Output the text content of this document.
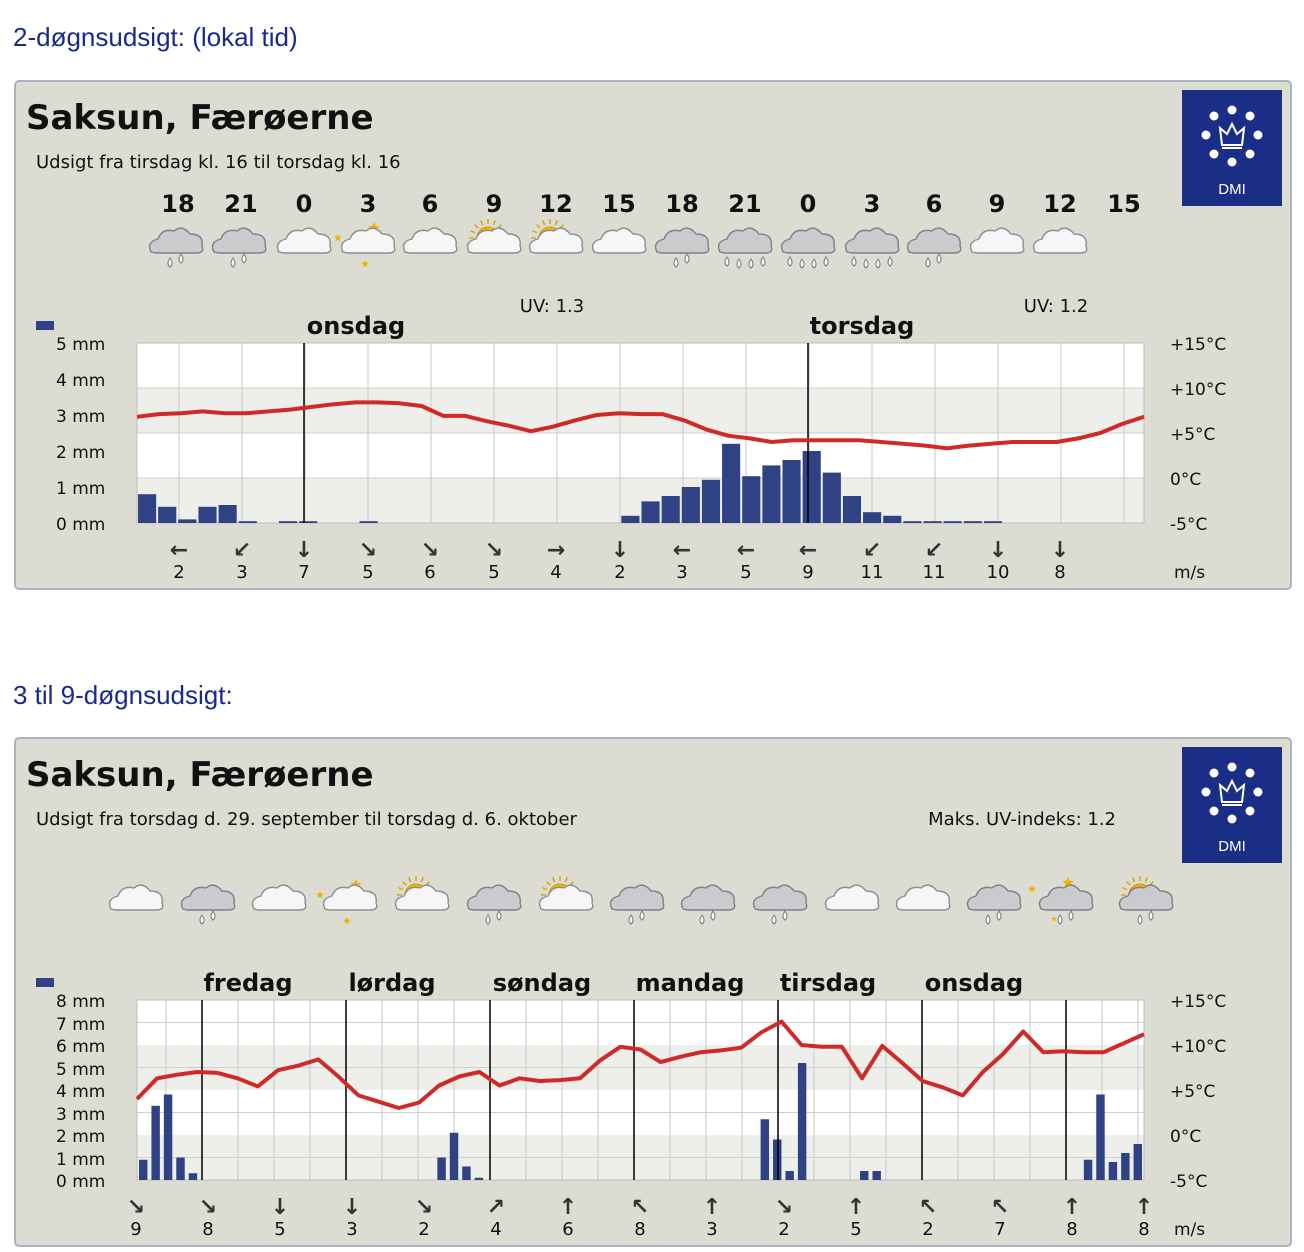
2-døgnsudsigt: (lokal tid)
Saksun, Færøerne
Udsigt fra tirsdag kl. 16 til torsdag kl. 16
DMI
18 21 0 3 6 9 12 15 18 21 0 3 6 9 12 15
UV: 1.3	UV: 1.2
5 mm
4 mm
3 mm
2 mm
1 mm
0 mm
+15°C
+10°C
+5°C
0°C
-5°C
onsdag	torsdag
← ↙ ↓ ↘ ↘ ↘ → ↓ ← ← ← ↙ ↙ ↓ ↓
2	3	7	5	6	5	4	2	3	5	9	11 11 10 8	m/s
3 til 9-døgnsudsigt:
Saksun, Færøerne
Udsigt fra torsdag d. 29. september til torsdag d. 6. oktober	Maks. UV-indeks: 1.2
DMI
8 mm
7 mm
6 mm
5 mm
4 mm
3 mm
2 mm
1 mm
0 mm
+15°C
+10°C
+5°C
0°C
-5°C
fredag lørdag søndag mandag tirsdag onsdag
↘ ↘ ↓ ↓ ↘ ↗ ↑ ↖ ↑ ↘ ↑ ↖ ↖ ↑ ↑
9	8	5	3	2	4	6	8	3	2	5	2	7	8	8 m/s
